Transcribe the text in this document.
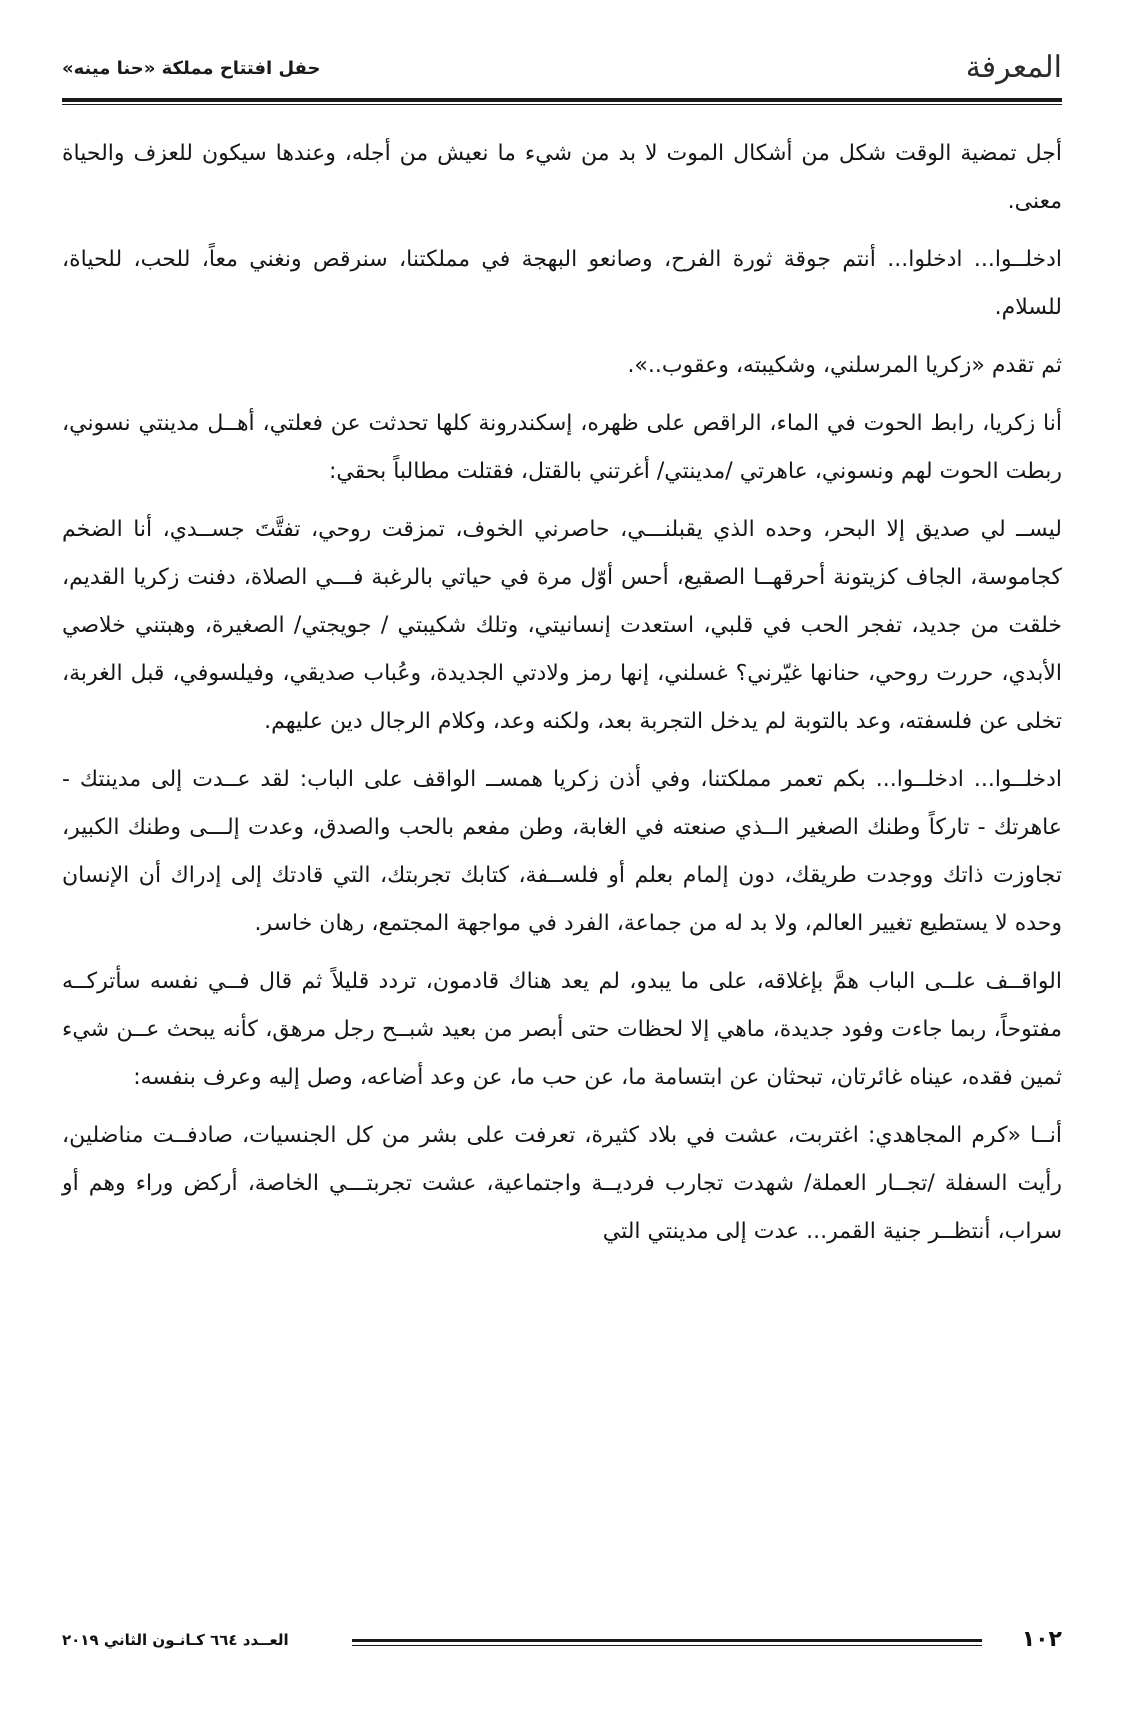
المعرفة
حفل افتتاح مملكة «حنا مينه»

أجل تمضية الوقت شكل من أشكال الموت لا بد من شيء ما نعيش من أجله، وعندها سيكون للعزف والحياة معنى.

ادخلــوا... ادخلوا... أنتم جوقة ثورة الفرح، وصانعو البهجة في مملكتنا، سنرقص ونغني معاً، للحب، للحياة، للسلام.

ثم تقدم «زكريا المرسلني، وشكيبته، وعقوب..».

أنا زكريا، رابط الحوت في الماء، الراقص على ظهره، إسكندرونة كلها تحدثت عن فعلتي، أهــل مدينتي نسوني، ربطت الحوت لهم ونسوني، عاهرتي /مدينتي/ أغرتني بالقتل، فقتلت مطالباً بحقي:

ليســ لي صديق إلا البحر، وحده الذي يقبلنـــي، حاصرني الخوف، تمزقت روحي، تفتَّتَ جســدي، أنا الضخم كجاموسة، الجاف كزيتونة أحرقهــا الصقيع، أحس أوّل مرة في حياتي بالرغبة فـــي الصلاة، دفنت زكريا القديم، خلقت من جديد، تفجر الحب في قلبي، استعدت إنسانيتي، وتلك شكيبتي / جويجتي/ الصغيرة، وهبتني خلاصي الأبدي، حررت روحي، حنانها غيّرني؟ غسلني، إنها رمز ولادتي الجديدة، وعُباب صديقي، وفيلسوفي، قبل الغربة، تخلى عن فلسفته، وعد بالتوبة لم يدخل التجربة بعد، ولكنه وعد، وكلام الرجال دين عليهم.

ادخلــوا... ادخلــوا... بكم تعمر مملكتنا، وفي أذن زكريا همســ الواقف على الباب: لقد عــدت إلى مدينتك - عاهرتك - تاركاً وطنك الصغير الــذي صنعته في الغابة، وطن مفعم بالحب والصدق، وعدت إلـــى وطنك الكبير، تجاوزت ذاتك ووجدت طريقك، دون إلمام بعلم أو فلســفة، كتابك تجربتك، التي قادتك إلى إدراك أن الإنسان وحده لا يستطيع تغيير العالم، ولا بد له من جماعة، الفرد في مواجهة المجتمع، رهان خاسر.

الواقــف علــى الباب همَّ بإغلاقه، على ما يبدو، لم يعد هناك قادمون، تردد قليلاً ثم قال فــي نفسه سأتركــه مفتوحاً، ربما جاءت وفود جديدة، ماهي إلا لحظات حتى أبصر من بعيد شبــح رجل مرهق، كأنه يبحث عــن شيء ثمين فقده، عيناه غائرتان، تبحثان عن ابتسامة ما، عن حب ما، عن وعد أضاعه، وصل إليه وعرف بنفسه:

أنــا «كرم المجاهدي: اغتربت، عشت في بلاد كثيرة، تعرفت على بشر من كل الجنسيات، صادفــت مناضلين، رأيت السفلة /تجــار العملة/ شهدت تجارب فرديــة واجتماعية، عشت تجربتـــي الخاصة، أركض وراء وهم أو سراب، أنتظــر جنية القمر... عدت إلى مدينتي التي

١٠٢
العــدد ٦٦٤ كـانـون الثاني ٢٠١٩
